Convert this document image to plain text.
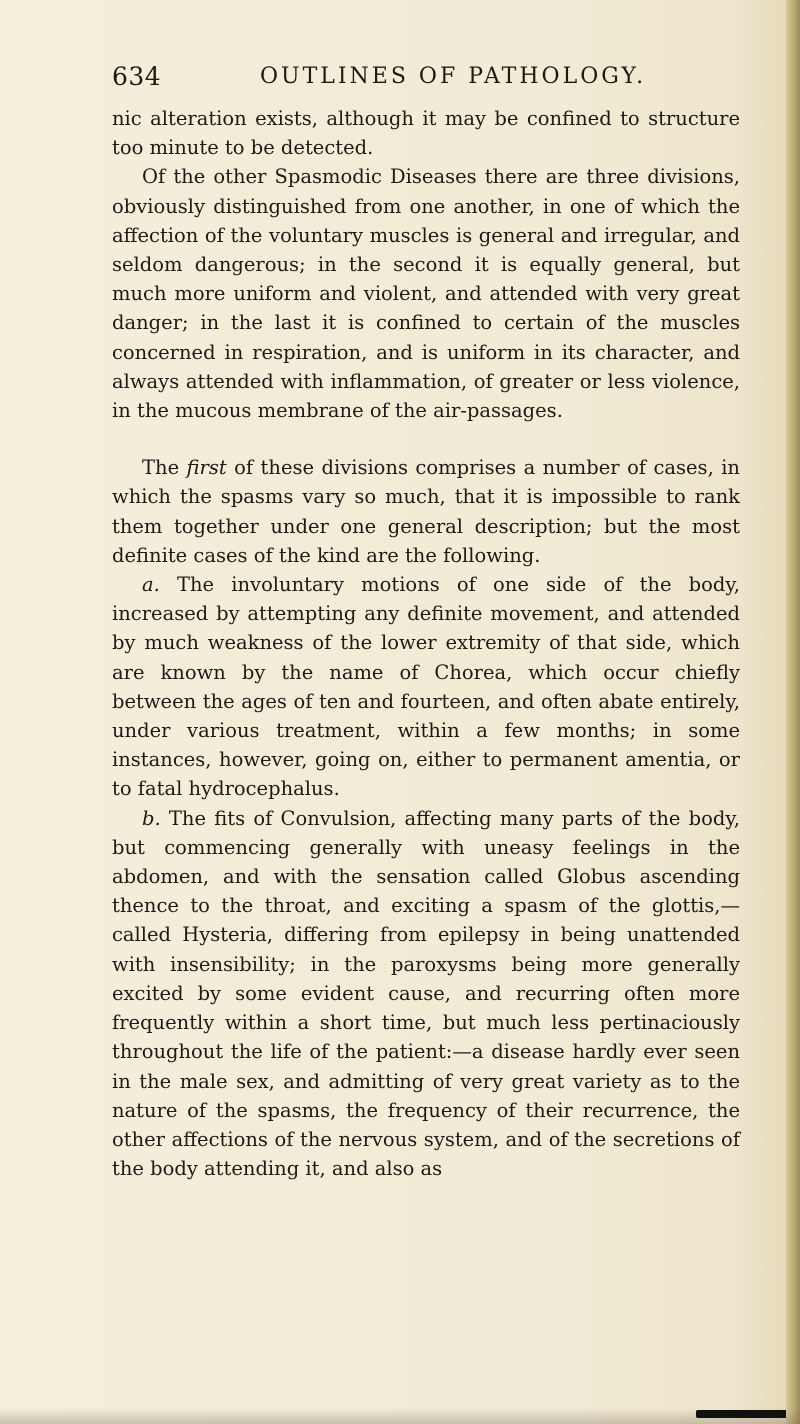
634	OUTLINES OF PATHOLOGY.

nic alteration exists, although it may be confined to structure too minute to be detected.

Of the other Spasmodic Diseases there are three divisions, obviously distinguished from one another, in one of which the affection of the voluntary muscles is general and irregular, and seldom dangerous; in the second it is equally general, but much more uniform and violent, and attended with very great danger; in the last it is confined to certain of the muscles concerned in respiration, and is uniform in its character, and always attended with inflammation, of greater or less violence, in the mucous membrane of the air-passages.

The first of these divisions comprises a number of cases, in which the spasms vary so much, that it is impossible to rank them together under one general description; but the most definite cases of the kind are the following.

a. The involuntary motions of one side of the body, increased by attempting any definite movement, and attended by much weakness of the lower extremity of that side, which are known by the name of Chorea, which occur chiefly between the ages of ten and fourteen, and often abate entirely, under various treatment, within a few months; in some instances, however, going on, either to permanent amentia, or to fatal hydrocephalus.

b. The fits of Convulsion, affecting many parts of the body, but commencing generally with uneasy feelings in the abdomen, and with the sensation called Globus ascending thence to the throat, and exciting a spasm of the glottis,— called Hysteria, differing from epilepsy in being unattended with insensibility; in the paroxysms being more generally excited by some evident cause, and recurring often more frequently within a short time, but much less pertinaciously throughout the life of the patient:—a disease hardly ever seen in the male sex, and admitting of very great variety as to the nature of the spasms, the frequency of their recurrence, the other affections of the nervous system, and of the secretions of the body attending it, and also as
